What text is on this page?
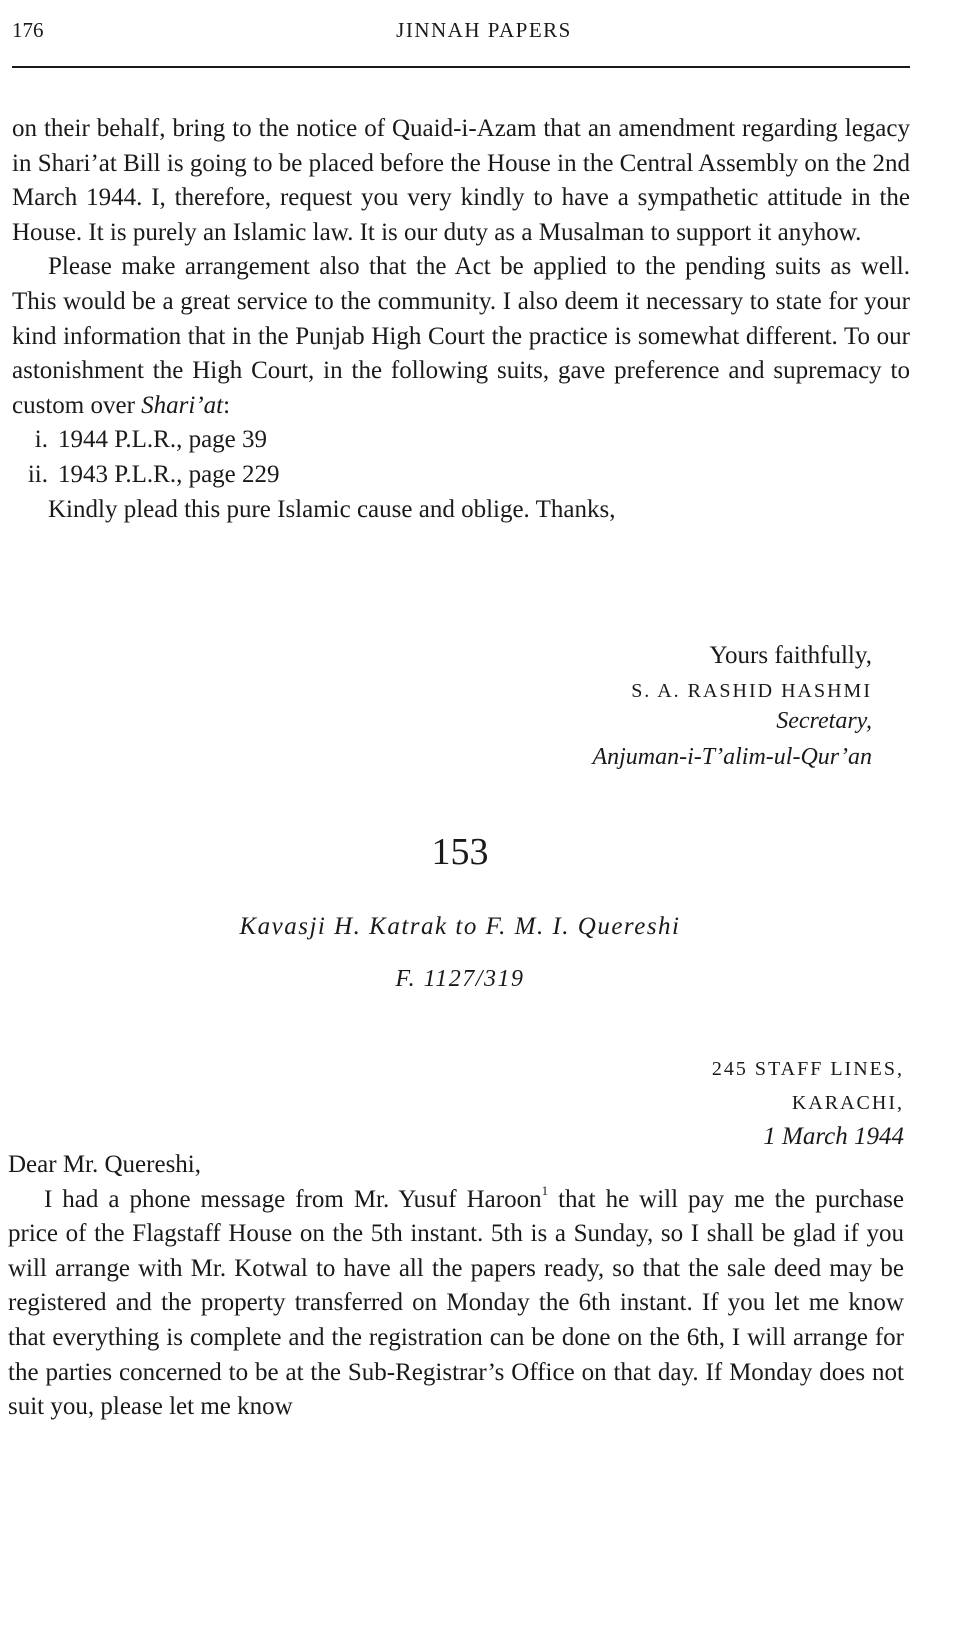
176	JINNAH PAPERS

on their behalf, bring to the notice of Quaid-i-Azam that an amendment regarding legacy in Shari’at Bill is going to be placed before the House in the Central Assembly on the 2nd March 1944. I, therefore, request you very kindly to have a sympathetic attitude in the House. It is purely an Islamic law. It is our duty as a Musalman to support it anyhow.

Please make arrangement also that the Act be applied to the pending suits as well. This would be a great service to the community. I also deem it necessary to state for your kind information that in the Punjab High Court the practice is somewhat different. To our astonishment the High Court, in the following suits, gave preference and supremacy to custom over Shari’at:

i. 1944 P.L.R., page 39
ii. 1943 P.L.R., page 229

Kindly plead this pure Islamic cause and oblige. Thanks,

Yours faithfully,
S. A. RASHID HASHMI
Secretary,
Anjuman-i-T’alim-ul-Qur’an
153
Kavasji H. Katrak to F. M. I. Quereshi
F. 1127/319
245 STAFF LINES,
KARACHI,
1 March 1944

Dear Mr. Quereshi,

I had a phone message from Mr. Yusuf Haroon$^1$ that he will pay me the purchase price of the Flagstaff House on the 5th instant. 5th is a Sunday, so I shall be glad if you will arrange with Mr. Kotwal to have all the papers ready, so that the sale deed may be registered and the property transferred on Monday the 6th instant. If you let me know that everything is complete and the registration can be done on the 6th, I will arrange for the parties concerned to be at the Sub-Registrar’s Office on that day. If Monday does not suit you, please let me know
